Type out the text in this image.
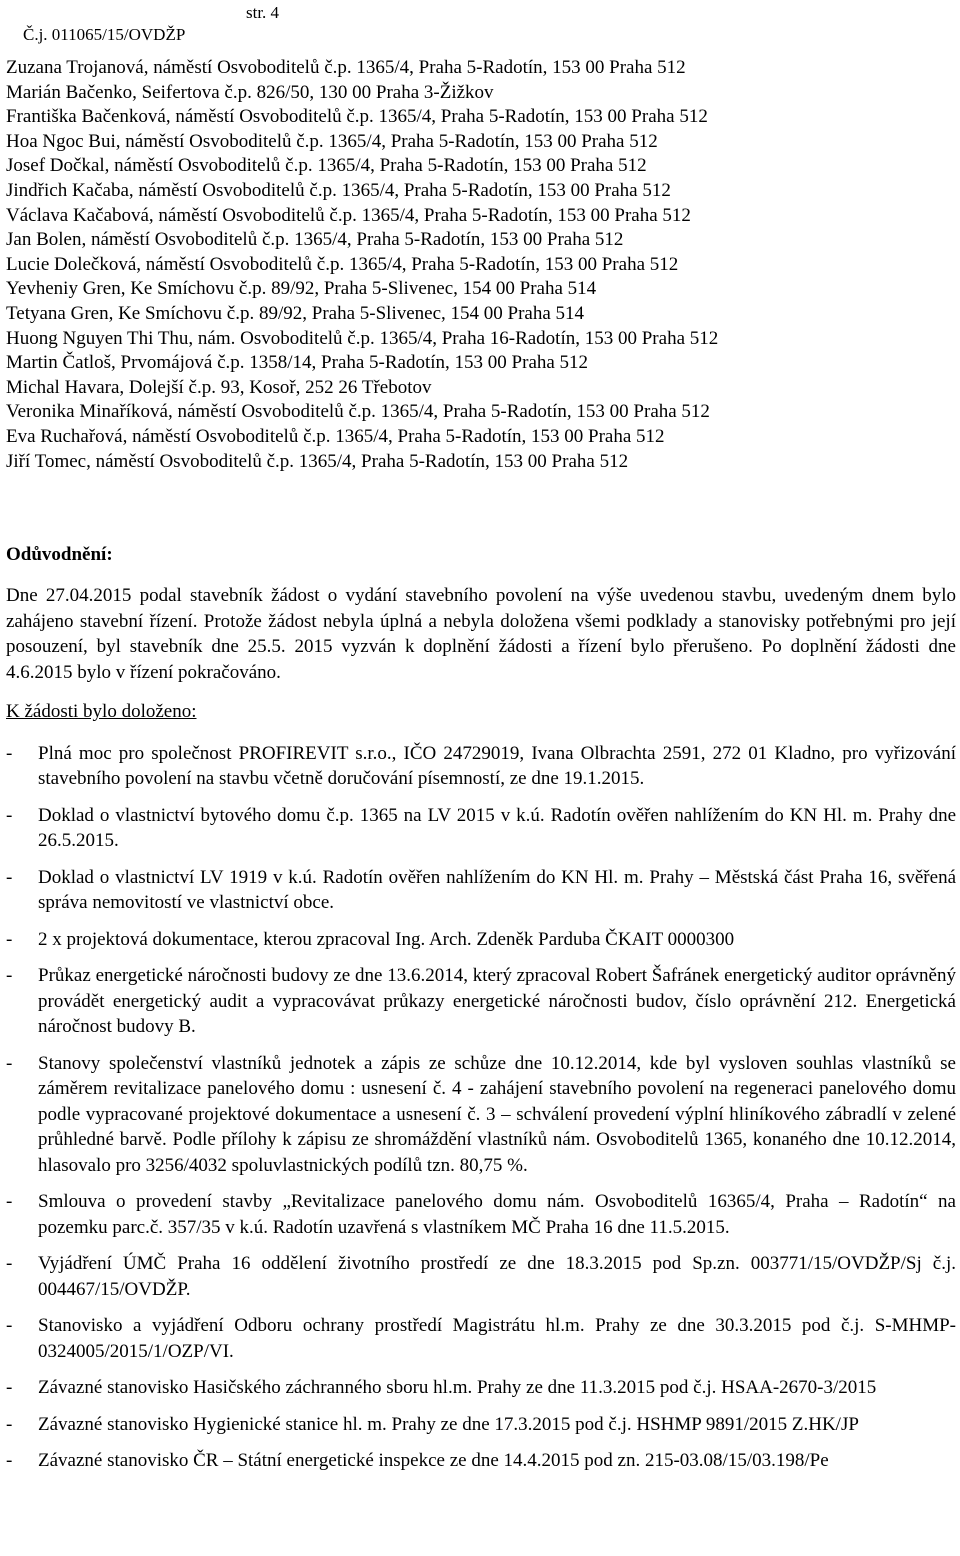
Č.j. 011065/15/OVDŽP

str. 4

Zuzana Trojanová, náměstí Osvoboditelů č.p. 1365/4, Praha 5-Radotín, 153 00 Praha 512
Marián Bačenko, Seifertova č.p. 826/50, 130 00 Praha 3-Žižkov
Františka Bačenková, náměstí Osvoboditelů č.p. 1365/4, Praha 5-Radotín, 153 00 Praha 512
Hoa Ngoc Bui, náměstí Osvoboditelů č.p. 1365/4, Praha 5-Radotín, 153 00 Praha 512
Josef Dočkal, náměstí Osvoboditelů č.p. 1365/4, Praha 5-Radotín, 153 00 Praha 512
Jindřich Kačaba, náměstí Osvoboditelů č.p. 1365/4, Praha 5-Radotín, 153 00 Praha 512
Václava Kačabová, náměstí Osvoboditelů č.p. 1365/4, Praha 5-Radotín, 153 00 Praha 512
Jan Bolen, náměstí Osvoboditelů č.p. 1365/4, Praha 5-Radotín, 153 00 Praha 512
Lucie Dolečková, náměstí Osvoboditelů č.p. 1365/4, Praha 5-Radotín, 153 00 Praha 512
Yevheniy Gren, Ke Smíchovu č.p. 89/92, Praha 5-Slivenec, 154 00 Praha 514
Tetyana Gren, Ke Smíchovu č.p. 89/92, Praha 5-Slivenec, 154 00 Praha 514
Huong Nguyen Thi Thu, nám. Osvoboditelů č.p. 1365/4, Praha 16-Radotín, 153 00 Praha 512
Martin Čatloš, Prvomájová č.p. 1358/14, Praha 5-Radotín, 153 00 Praha 512
Michal Havara, Dolejší č.p. 93, Kosoř, 252 26 Třebotov
Veronika Minaříková, náměstí Osvoboditelů č.p. 1365/4, Praha 5-Radotín, 153 00 Praha 512
Eva Ruchařová, náměstí Osvoboditelů č.p. 1365/4, Praha 5-Radotín, 153 00 Praha 512
Jiří Tomec, náměstí Osvoboditelů č.p. 1365/4, Praha 5-Radotín, 153 00 Praha 512
Odůvodnění:

Dne 27.04.2015 podal stavebník žádost o vydání stavebního povolení na výše uvedenou stavbu, uvedeným dnem bylo zahájeno stavební řízení. Protože žádost nebyla úplná a nebyla doložena všemi podklady a stanovisky potřebnými pro její posouzení, byl stavebník dne 25.5. 2015 vyzván k doplnění žádosti a řízení bylo přerušeno. Po doplnění žádosti dne 4.6.2015 bylo v řízení pokračováno.

K žádosti bylo doloženo:
- Plná moc pro společnost PROFIREVIT s.r.o., IČO 24729019, Ivana Olbrachta 2591, 272 01 Kladno, pro vyřizování stavebního povolení na stavbu včetně doručování písemností, ze dne 19.1.2015.
- Doklad o vlastnictví bytového domu č.p. 1365 na LV 2015 v k.ú. Radotín ověřen nahlížením do KN Hl. m. Prahy dne 26.5.2015.
- Doklad o vlastnictví LV 1919 v k.ú. Radotín ověřen nahlížením do KN Hl. m. Prahy – Městská část Praha 16, svěřená správa nemovitostí ve vlastnictví obce.
- 2 x projektová dokumentace, kterou zpracoval Ing. Arch. Zdeněk Parduba ČKAIT 0000300
- Průkaz energetické náročnosti budovy ze dne 13.6.2014, který zpracoval Robert Šafránek energetický auditor oprávněný provádět energetický audit a vypracovávat průkazy energetické náročnosti budov, číslo oprávnění 212. Energetická náročnost budovy B.
- Stanovy společenství vlastníků jednotek a zápis ze schůze dne 10.12.2014, kde byl vysloven souhlas vlastníků se záměrem revitalizace panelového domu : usnesení č. 4 - zahájení stavebního povolení na regeneraci panelového domu podle vypracované projektové dokumentace a usnesení č. 3 – schválení provedení výplní hliníkového zábradlí v zelené průhledné barvě. Podle přílohy k zápisu ze shromáždění vlastníků nám. Osvoboditelů 1365, konaného dne 10.12.2014, hlasovalo pro 3256/4032 spoluvlastnických podílů tzn. 80,75 %.
- Smlouva o provedení stavby „Revitalizace panelového domu nám. Osvoboditelů 16365/4, Praha – Radotín“ na pozemku parc.č. 357/35 v k.ú. Radotín uzavřená s vlastníkem MČ Praha 16 dne 11.5.2015.
- Vyjádření ÚMČ Praha 16 oddělení životního prostředí ze dne 18.3.2015 pod Sp.zn. 003771/15/OVDŽP/Sj č.j. 004467/15/OVDŽP.
- Stanovisko a vyjádření Odboru ochrany prostředí Magistrátu hl.m. Prahy ze dne 30.3.2015 pod č.j. S-MHMP-0324005/2015/1/OZP/VI.
- Závazné stanovisko Hasičského záchranného sboru hl.m. Prahy ze dne 11.3.2015 pod č.j. HSAA-2670-3/2015
- Závazné stanovisko Hygienické stanice hl. m. Prahy ze dne 17.3.2015 pod č.j. HSHMP 9891/2015 Z.HK/JP
- Závazné stanovisko ČR – Státní energetické inspekce ze dne 14.4.2015 pod zn. 215-03.08/15/03.198/Pe
